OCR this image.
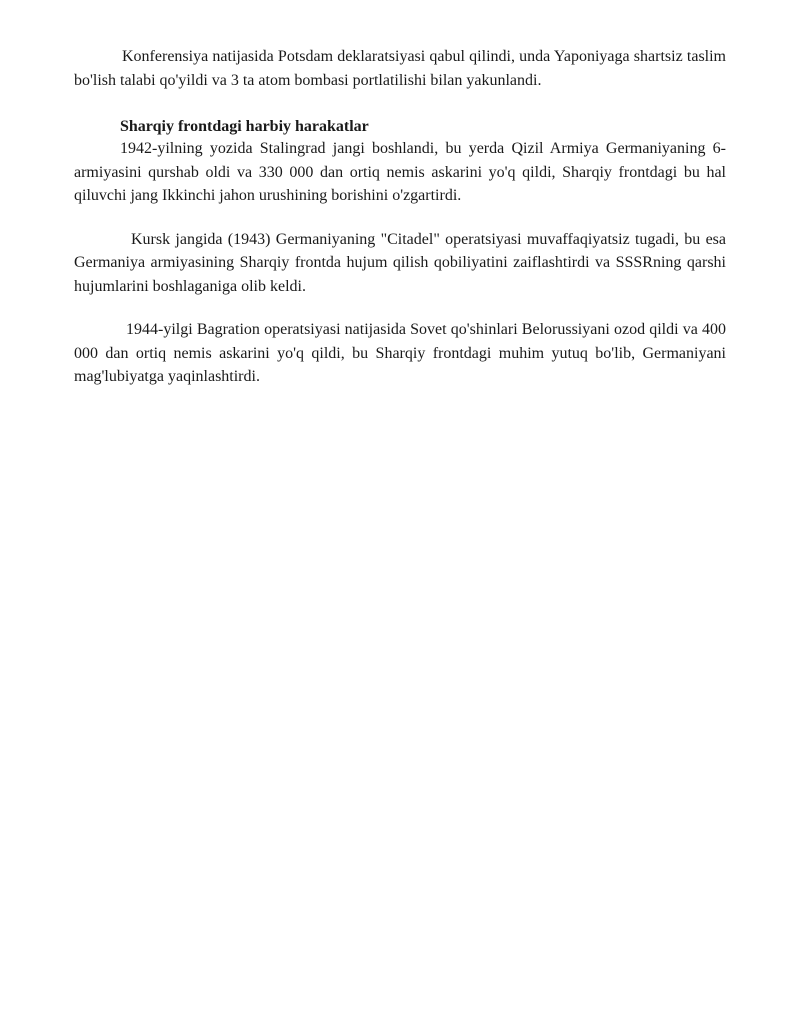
Konferensiya natijasida Potsdam deklaratsiyasi qabul qilindi, unda Yaponiyaga shartsiz taslim bo'lish talabi qo'yildi va 3 ta atom bombasi portlatilishi bilan yakunlandi.

Sharqiy frontdagi harbiy harakatlar

1942-yilning yozida Stalingrad jangi boshlandi, bu yerda Qizil Armiya Germaniyaning 6-armiyasini qurshab oldi va 330 000 dan ortiq nemis askarini yo'q qildi, Sharqiy frontdagi bu hal qiluvchi jang Ikkinchi jahon urushining borishini o'zgartirdi.

Kursk jangida (1943) Germaniyaning "Citadel" operatsiyasi muvaffaqiyatsiz tugadi, bu esa Germaniya armiyasining Sharqiy frontda hujum qilish qobiliyatini zaiflashtirdi va SSSRning qarshi hujumlarini boshlaganiga olib keldi.

1944-yilgi Bagration operatsiyasi natijasida Sovet qo'shinlari Belorussiyani ozod qildi va 400 000 dan ortiq nemis askarini yo'q qildi, bu Sharqiy frontdagi muhim yutuq bo'lib, Germaniyani mag'lubiyatga yaqinlashtirdi.
